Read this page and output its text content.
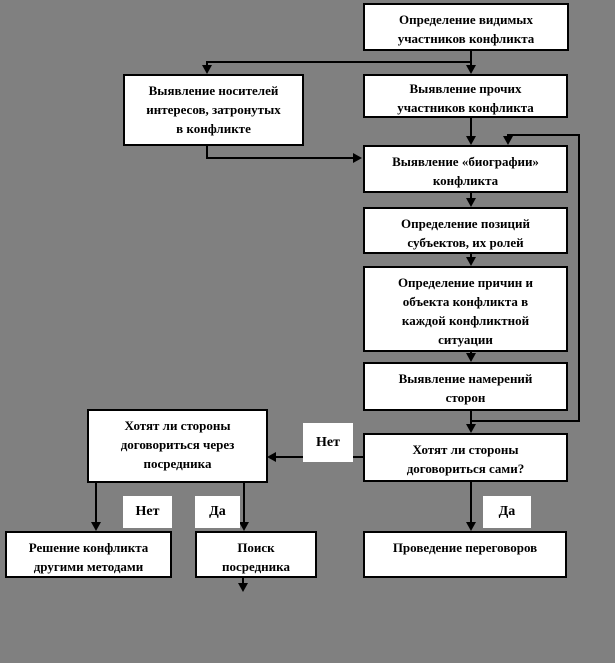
Нет
Нет	Да	Да
Определение видимых
участников конфликта
Выявление носителей
интересов, затронутых
в конфликте
Выявление прочих
участников конфликта
Выявление «биографии»
конфликта
Определение позиций
субъектов, их ролей
Определение причин и
объекта конфликта в
каждой конфликтной
ситуации
Выявление намерений
сторон
Хотят ли стороны
договориться сами?
Хотят ли стороны
договориться через
посредника
Проведение переговоров
Решение конфликта
другими методами
Поиск
посредника
